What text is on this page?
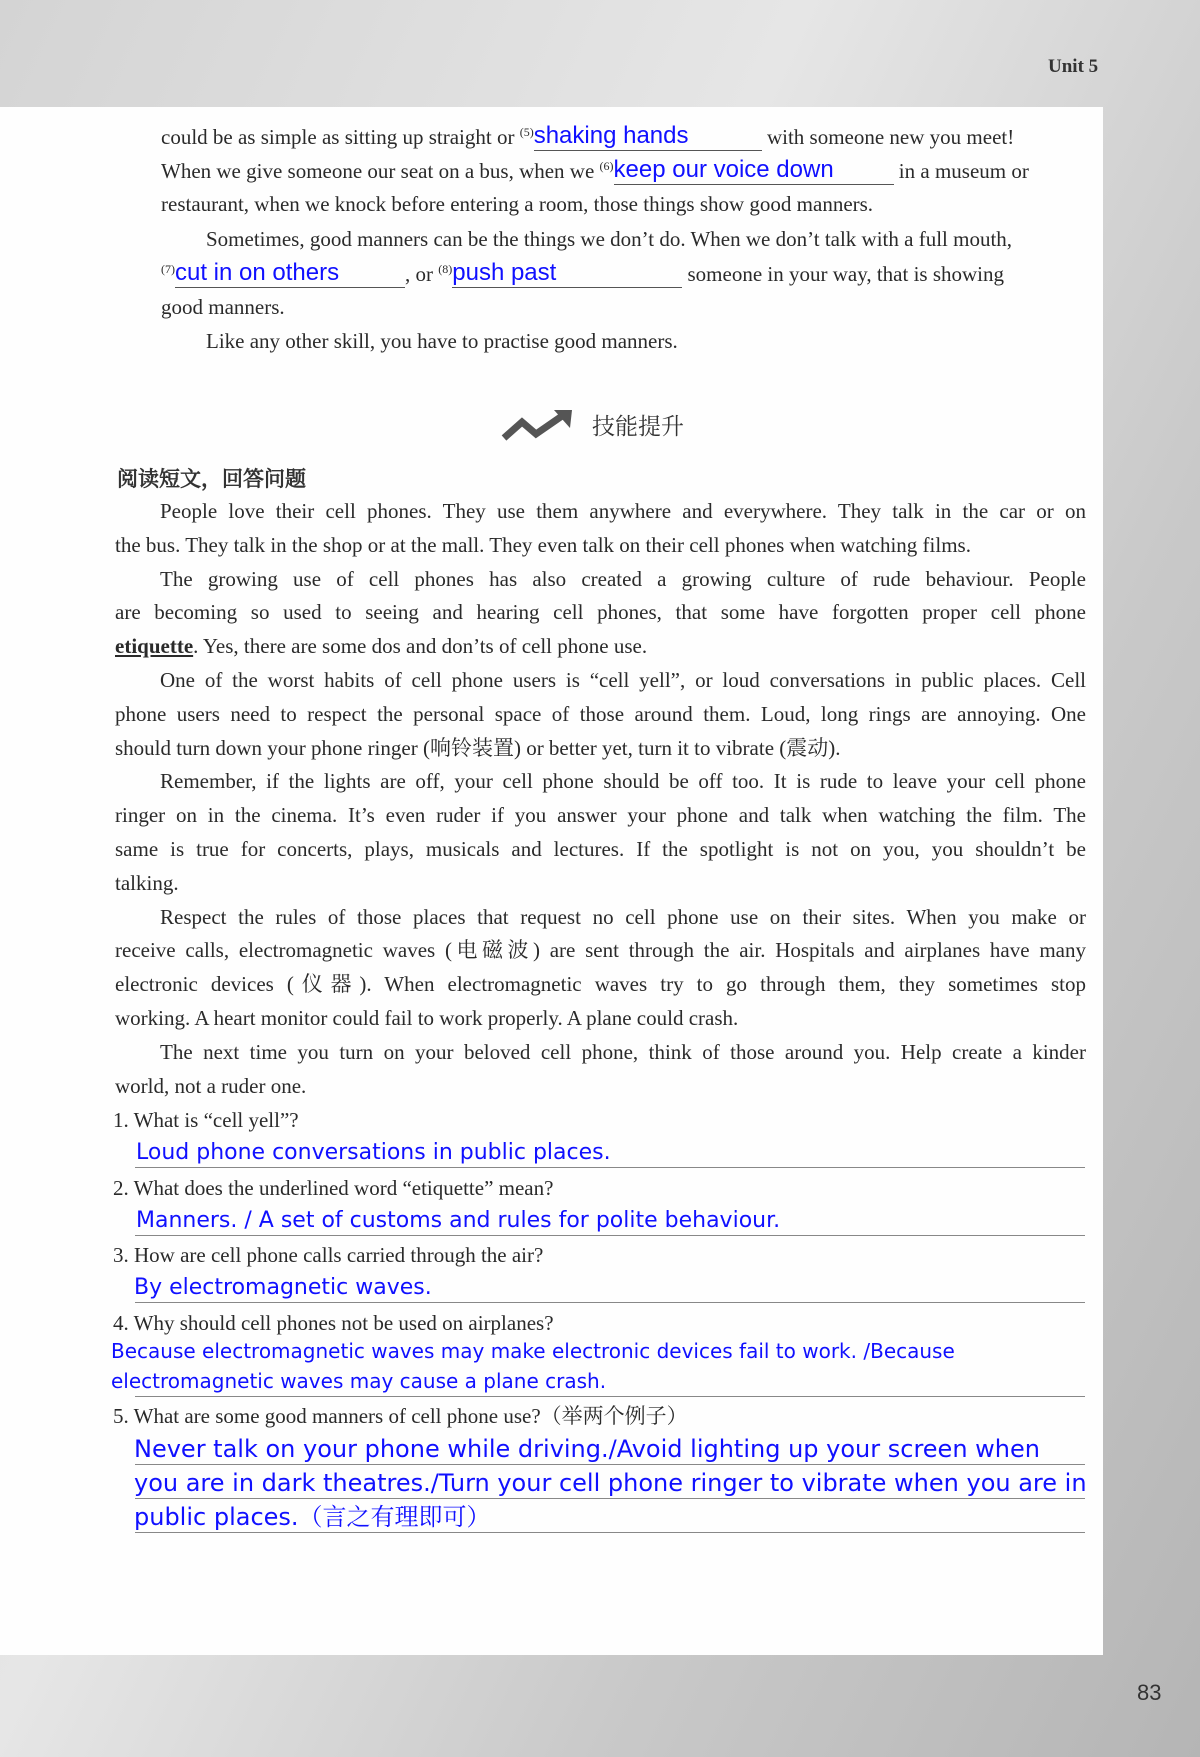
Unit 5
83
could be as simple as sitting up straight or $^{(5)}$shaking hands	with someone new you meet!
When we give someone our seat on a bus, when we $^{(6)}$keep our voice down	in a museum or
restaurant, when we knock before entering a room, those things show good manners.
Sometimes, good manners can be the things we don’t do. When we don’t talk with a full mouth,
$^{(7)}$cut in on others	, or $^{(8)}$push past	someone in your way, that is showing
good manners.
Like any other skill, you have to practise good manners.
技能提升
阅读短文，回答问题
People love their cell phones. They use them anywhere and everywhere. They talk in the car or on
the bus. They talk in the shop or at the mall. They even talk on their cell phones when watching films.
The growing use of cell phones has also created a growing culture of rude behaviour. People
are becoming so used to seeing and hearing cell phones, that some have forgotten proper cell phone
etiquette. Yes, there are some dos and don’ts of cell phone use.
One of the worst habits of cell phone users is “cell yell”, or loud conversations in public places. Cell
phone users need to respect the personal space of those around them. Loud, long rings are annoying. One
should turn down your phone ringer (响铃装置) or better yet, turn it to vibrate (震动).
Remember, if the lights are off, your cell phone should be off too. It is rude to leave your cell phone
ringer on in the cinema. It’s even ruder if you answer your phone and talk when watching the film. The
same is true for concerts, plays, musicals and lectures. If the spotlight is not on you, you shouldn’t be
talking.
Respect the rules of those places that request no cell phone use on their sites. When you make or
receive calls, electromagnetic waves (电磁波) are sent through the air. Hospitals and airplanes have many
electronic devices (仪器). When electromagnetic waves try to go through them, they sometimes stop
working. A heart monitor could fail to work properly. A plane could crash.
The next time you turn on your beloved cell phone, think of those around you. Help create a kinder
world, not a ruder one.
1. What is “cell yell”?
Loud phone conversations in public places.
2. What does the underlined word “etiquette” mean?
Manners. / A set of customs and rules for polite behaviour.
3. How are cell phone calls carried through the air?
By electromagnetic waves.
4. Why should cell phones not be used on airplanes?
Because electromagnetic waves may make electronic devices fail to work. /Because
electromagnetic waves may cause a plane crash.
5. What are some good manners of cell phone use?（举两个例子）
Never talk on your phone while driving./Avoid lighting up your screen when
you are in dark theatres./Turn your cell phone ringer to vibrate when you are in
public places.（言之有理即可）
